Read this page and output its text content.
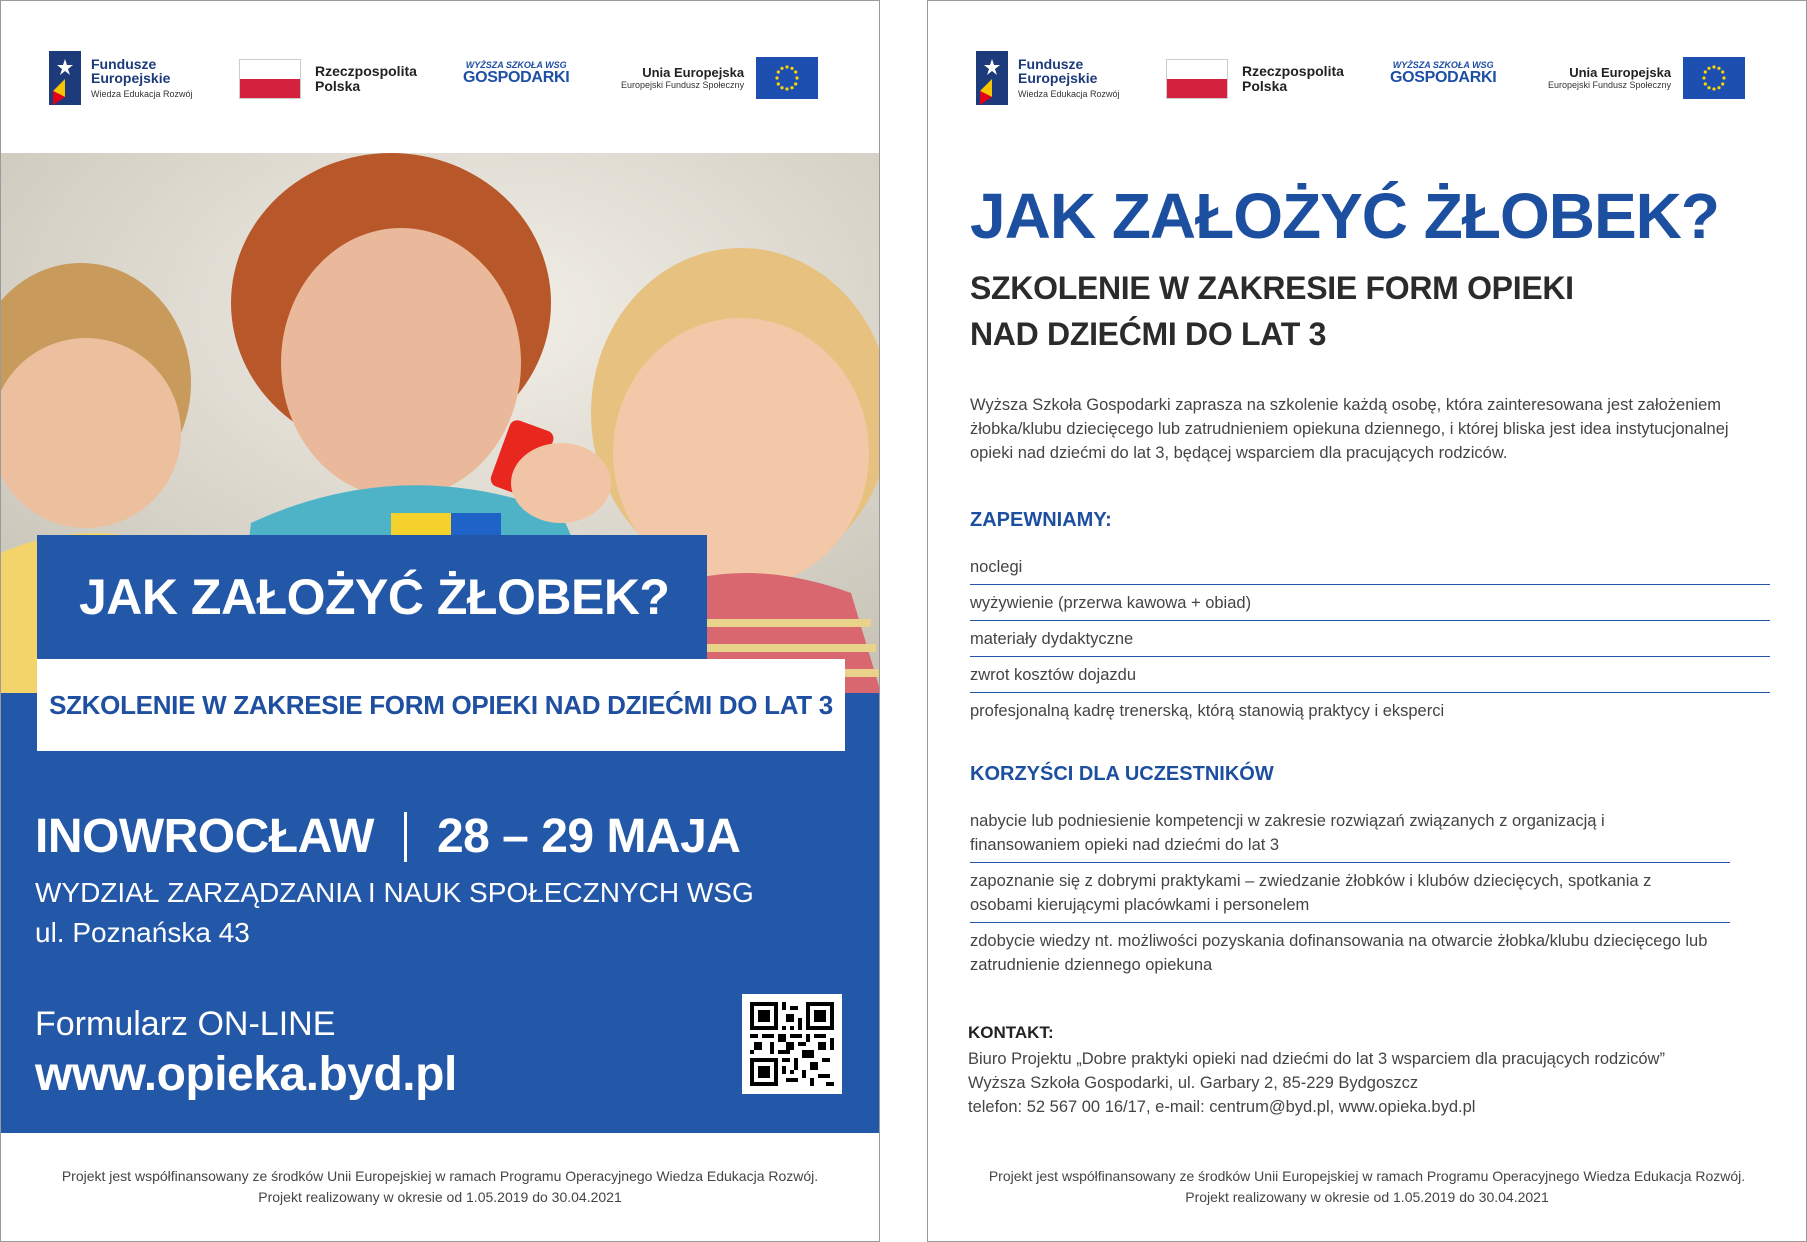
Fundusze
Europejskie
Wiedza Edukacja Rozwój
Rzeczpospolita
Polska
WYŻSZA SZKOŁA WSG
GOSPODARKI	Unia Europejska
Europejski Fundusz Społeczny
JAK ZAŁOŻYĆ ŻŁOBEK?
SZKOLENIE W ZAKRESIE FORM OPIEKI NAD DZIEĆMI DO LAT 3
INOWROCŁAW 28 – 29 MAJA
WYDZIAŁ ZARZĄDZANIA I NAUK SPOŁECZNYCH WSG
ul. Poznańska 43
Formularz ON-LINE
www.opieka.byd.pl
Projekt jest współfinansowany ze środków Unii Europejskiej w ramach Programu Operacyjnego Wiedza Edukacja Rozwój.
Projekt realizowany w okresie od 1.05.2019 do 30.04.2021
Fundusze
Europejskie
Wiedza Edukacja Rozwój
Rzeczpospolita
Polska
WYŻSZA SZKOŁA WSG
GOSPODARKI	Unia Europejska
Europejski Fundusz Społeczny
JAK ZAŁOŻYĆ ŻŁOBEK?
SZKOLENIE W ZAKRESIE FORM OPIEKI
NAD DZIEĆMI DO LAT 3

Wyższa Szkoła Gospodarki zaprasza na szkolenie każdą osobę, która zainteresowana jest założeniem żłobka/klubu dziecięcego lub zatrudnieniem opiekuna dziennego, i której bliska jest idea instytucjonalnej opieki nad dziećmi do lat 3, będącej wsparciem dla pracujących rodziców.

ZAPEWNIAMY:
noclegi
wyżywienie (przerwa kawowa + obiad)
materiały dydaktyczne
zwrot kosztów dojazdu
profesjonalną kadrę trenerską, którą stanowią praktycy i eksperci
KORZYŚCI DLA UCZESTNIKÓW
nabycie lub podniesienie kompetencji w zakresie rozwiązań związanych z organizacją i finansowaniem opieki nad dziećmi do lat 3
zapoznanie się z dobrymi praktykami – zwiedzanie żłobków i klubów dziecięcych, spotkania z osobami kierującymi placówkami i personelem
zdobycie wiedzy nt. możliwości pozyskania dofinansowania na otwarcie żłobka/klubu dziecięcego lub zatrudnienie dziennego opiekuna
KONTAKT:
Biuro Projektu „Dobre praktyki opieki nad dziećmi do lat 3 wsparciem dla pracujących rodziców”
Wyższa Szkoła Gospodarki, ul. Garbary 2, 85-229 Bydgoszcz
telefon: 52 567 00 16/17, e-mail: centrum@byd.pl, www.opieka.byd.pl
Projekt jest współfinansowany ze środków Unii Europejskiej w ramach Programu Operacyjnego Wiedza Edukacja Rozwój.
Projekt realizowany w okresie od 1.05.2019 do 30.04.2021
